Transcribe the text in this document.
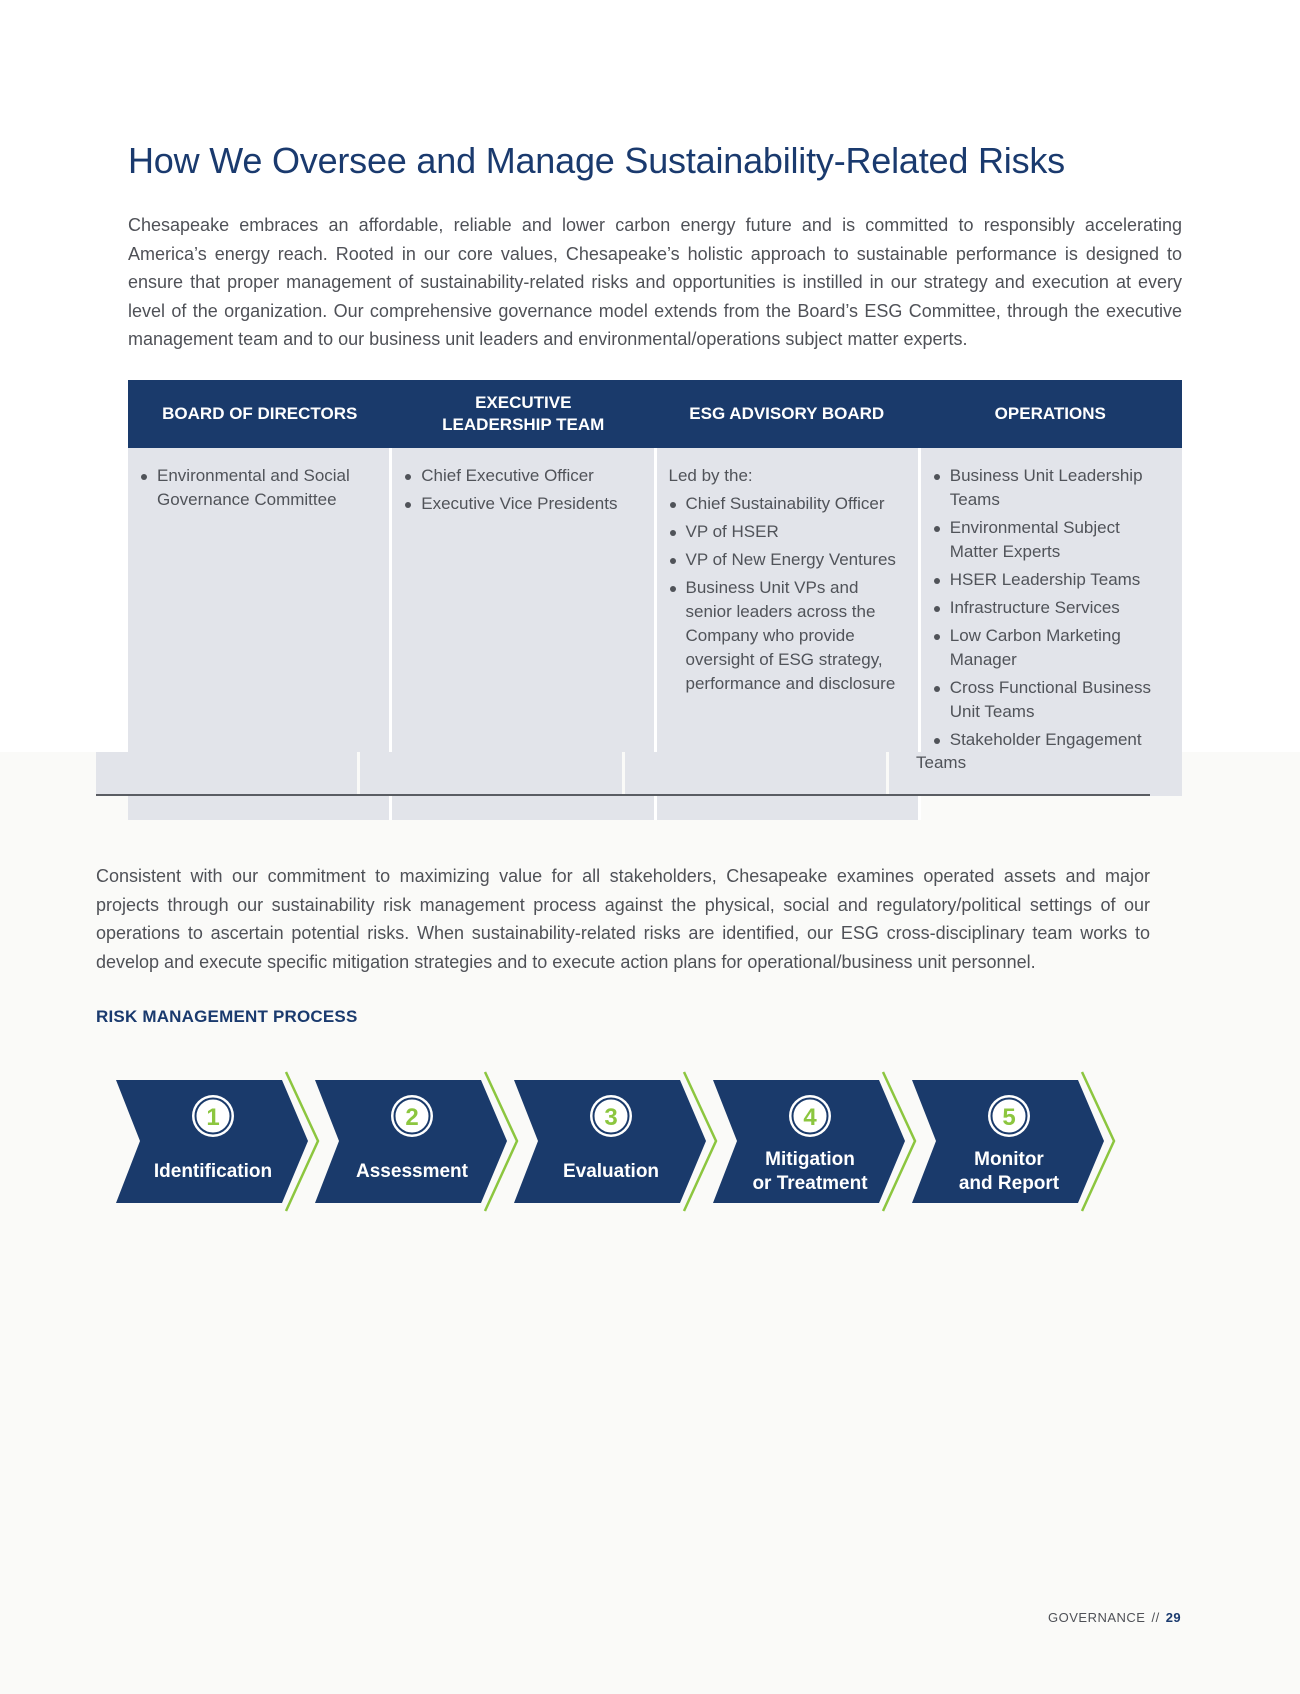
How We Oversee and Manage Sustainability-Related Risks

Chesapeake embraces an affordable, reliable and lower carbon energy future and is committed to responsibly accelerating America’s energy reach. Rooted in our core values, Chesapeake’s holistic approach to sustainable performance is designed to ensure that proper management of sustainability-related risks and opportunities is instilled in our strategy and execution at every level of the organization. Our comprehensive governance model extends from the Board’s ESG Committee, through the executive management team and to our business unit leaders and environmental/operations subject matter experts.

BOARD OF DIRECTORS
EXECUTIVE
LEADERSHIP TEAM
ESG ADVISORY BOARD	OPERATIONS
Environmental and Social Governance Committee
Chief Executive Officer
Executive Vice Presidents
Led by the:
Chief Sustainability Officer
VP of HSER
VP of New Energy Ventures
Business Unit VPs and senior leaders across the Company who provide oversight of ESG strategy, performance and disclosure
Business Unit Leadership Teams
Environmental Subject Matter Experts
HSER Leadership Teams
Infrastructure Services
Low Carbon Marketing Manager
Cross Functional Business Unit Teams
Stakeholder Engagement
Teams

Consistent with our commitment to maximizing value for all stakeholders, Chesapeake examines operated assets and major projects through our sustainability risk management process against the physical, social and regulatory/political settings of our operations to ascertain potential risks. When sustainability-related risks are identified, our ESG cross-disciplinary team works to develop and execute specific mitigation strategies and to execute action plans for operational/business unit personnel.

RISK MANAGEMENT PROCESS
1
Identification
2
Assessment
3
Evaluation
4
Mitigation
or Treatment
5
Monitor
and Report
GOVERNANCE // 29
